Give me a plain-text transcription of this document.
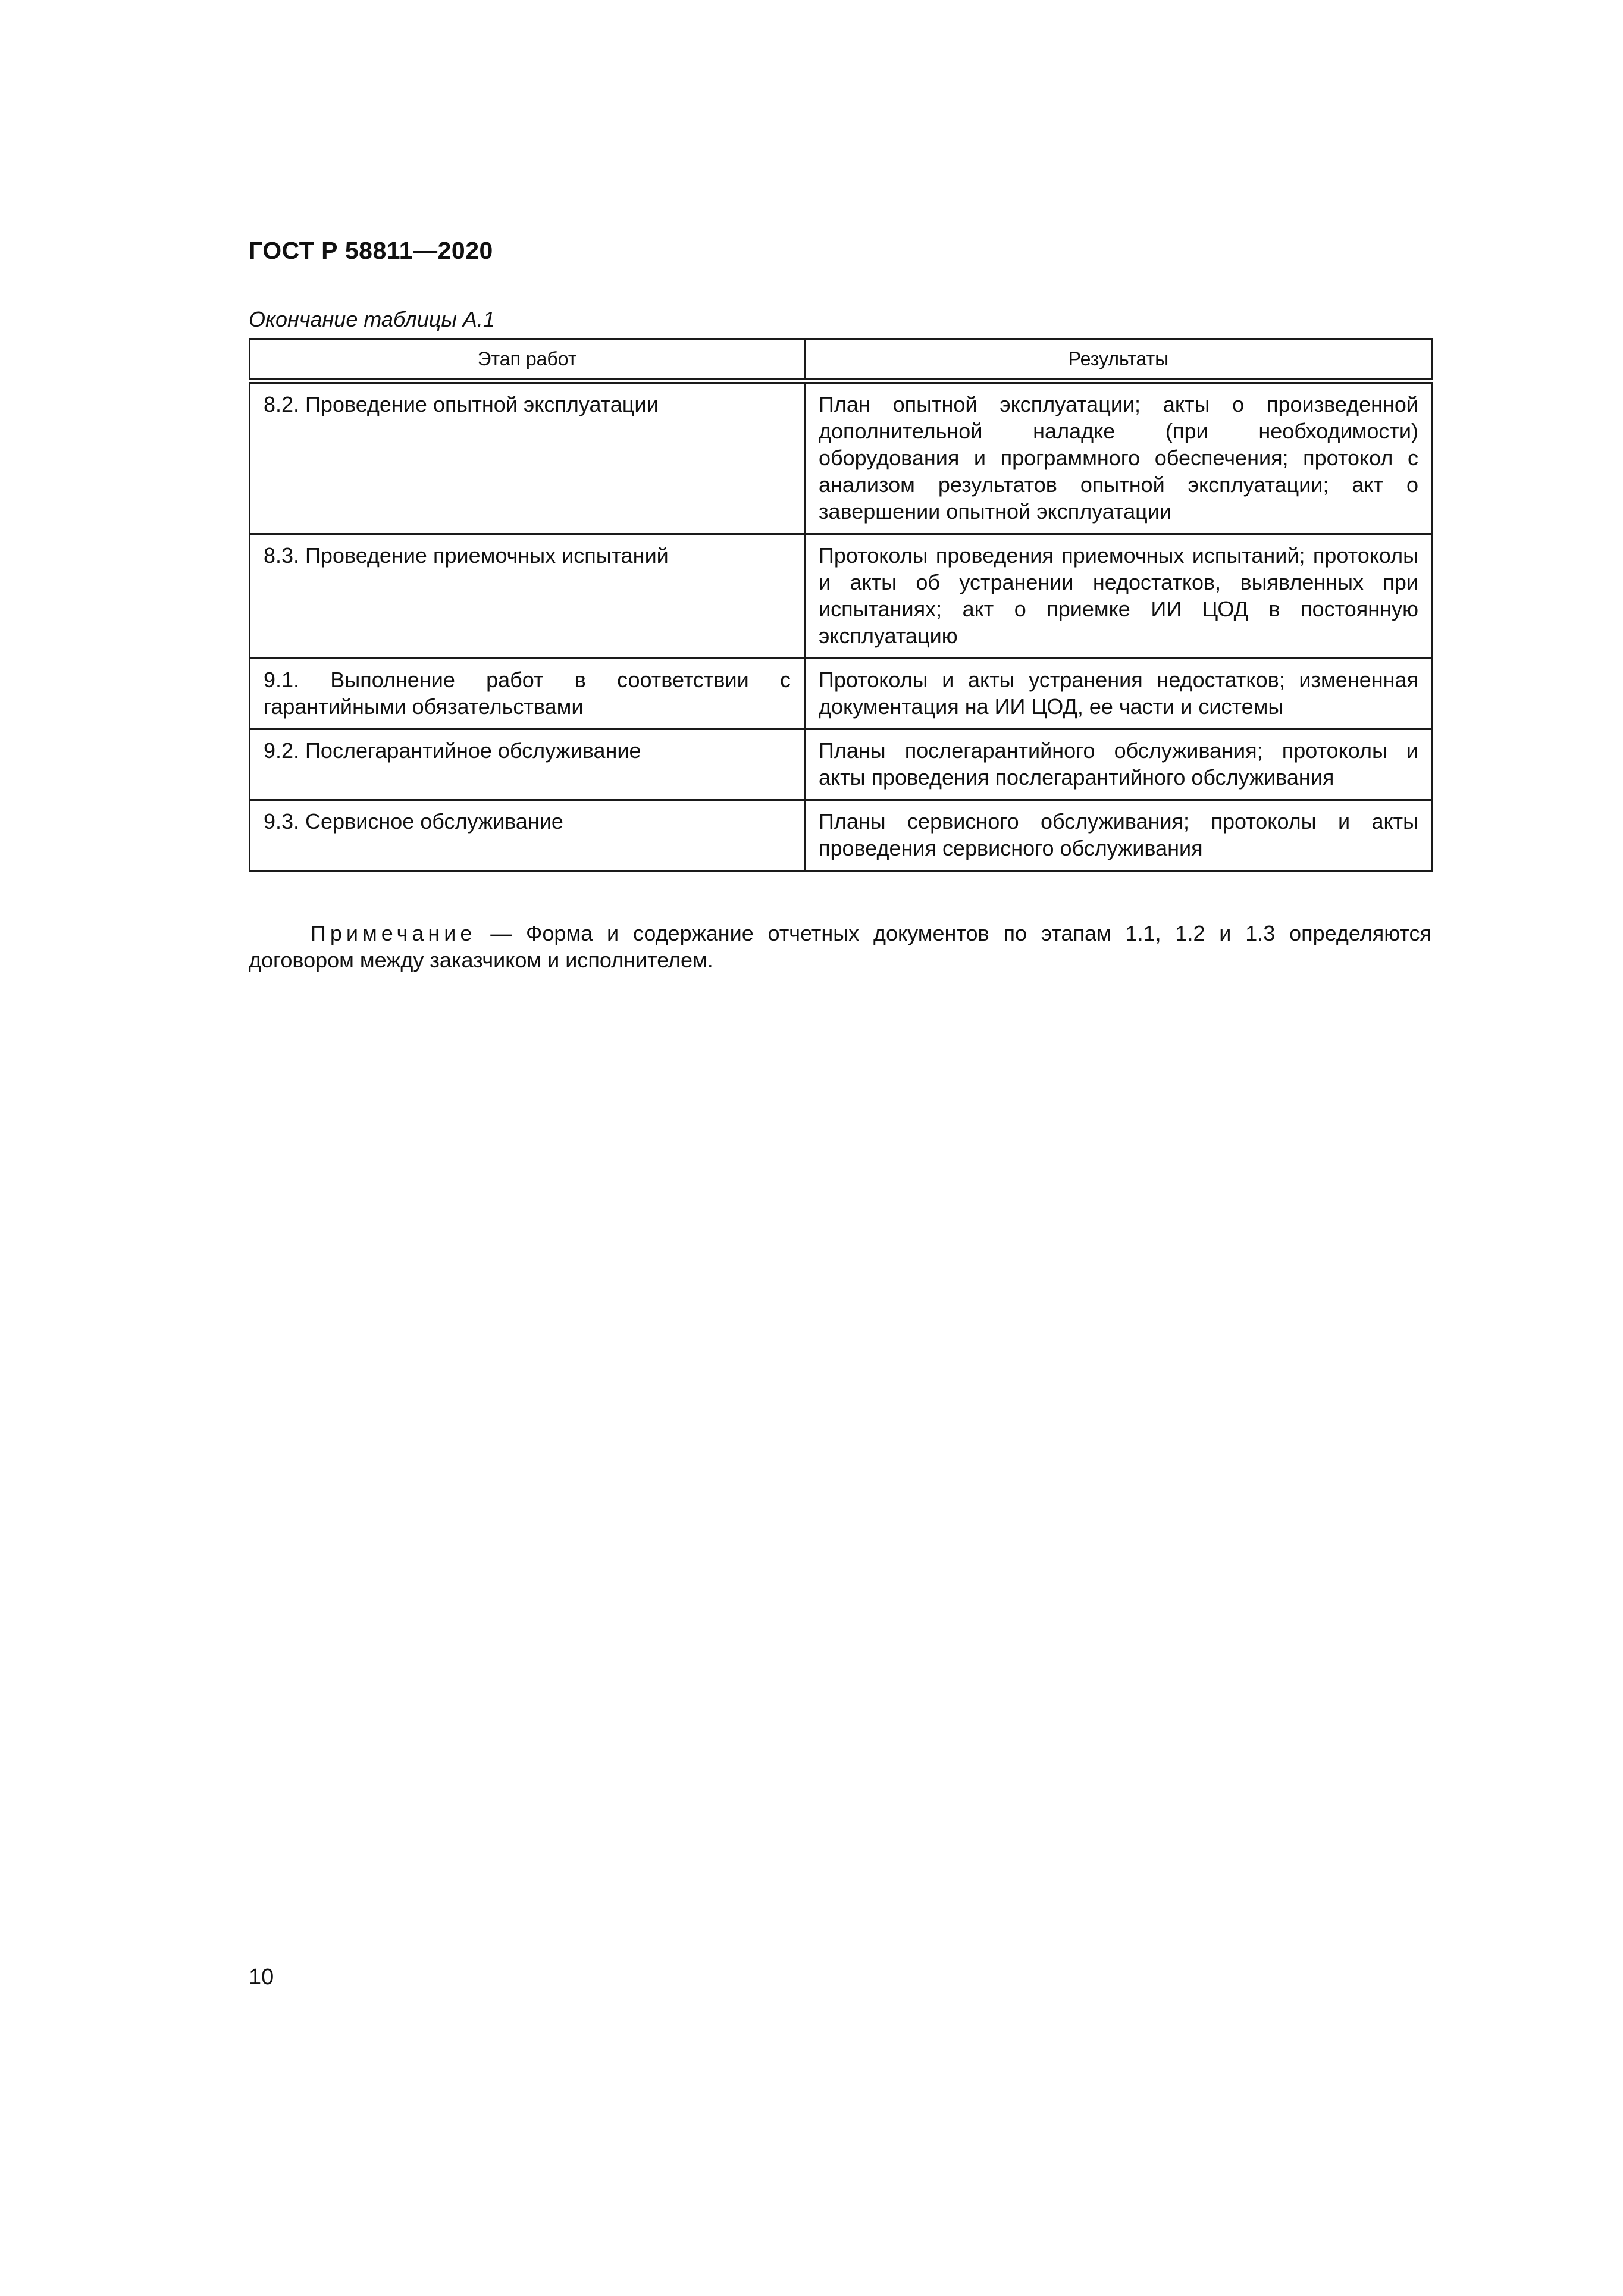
ГОСТ Р 58811—2020
Окончание таблицы А.1
Этап работ	Результаты
8.2. Проведение опытной эксплуатации	План опытной эксплуатации; акты о произведенной дополнительной наладке (при необходимости) оборудования и программного обеспечения; протокол с анализом результатов опытной эксплуатации; акт о завершении опытной эксплуатации
8.3. Проведение приемочных испытаний	Протоколы проведения приемочных испытаний; протоколы и акты об устранении недостатков, выявленных при испытаниях; акт о приемке ИИ ЦОД в постоянную эксплуатацию
9.1. Выполнение работ в соответствии с гарантийными обязательствами	Протоколы и акты устранения недостатков; измененная документация на ИИ ЦОД, ее части и системы
9.2. Послегарантийное обслуживание	Планы послегарантийного обслуживания; протоколы и акты проведения послегарантийного обслуживания
9.3. Сервисное обслуживание	Планы сервисного обслуживания; протоколы и акты проведения сервисного обслуживания

Примечание — Форма и содержание отчетных документов по этапам 1.1, 1.2 и 1.3 определяются договором между заказчиком и исполнителем.

10
